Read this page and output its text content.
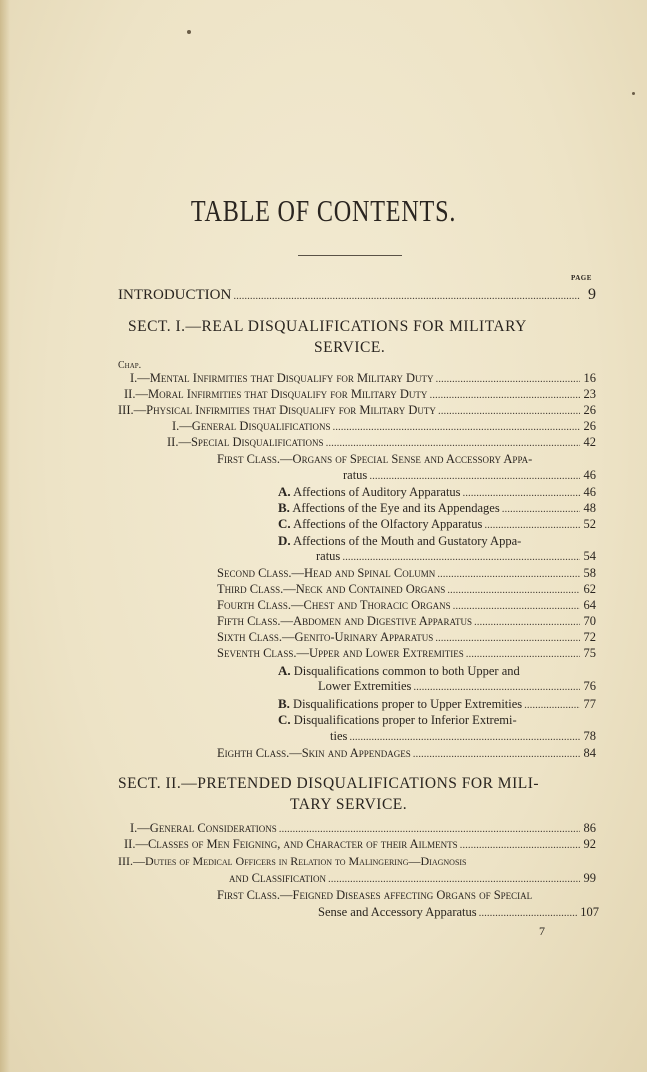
TABLE OF CONTENTS.
PAGE
INTRODUCTION .....	9
SECT. I.—REAL DISQUALIFICATIONS FOR MILITARY
SERVICE.
Chap.
I.—Mental Infirmities that Disqualify for Military Duty .....	16
II.—Moral Infirmities that Disqualify for Military Duty .....	23
III.—Physical Infirmities that Disqualify for Military Duty .....	26
I.—General Disqualifications .....	26
II.—Special Disqualifications .....	42
First Class.—Organs of Special Sense and Accessory Appa-
ratus .....	46
A. Affections of Auditory Apparatus .....	46
B. Affections of the Eye and its Appendages .....	48
C. Affections of the Olfactory Apparatus .....	52
D. Affections of the Mouth and Gustatory Appa-
ratus .....	54
Second Class.—Head and Spinal Column .....	58
Third Class.—Neck and Contained Organs .....	62
Fourth Class.—Chest and Thoracic Organs .....	64
Fifth Class.—Abdomen and Digestive Apparatus .....	70
Sixth Class.—Genito-Urinary Apparatus .....	72
Seventh Class.—Upper and Lower Extremities .....	75
A. Disqualifications common to both Upper and
Lower Extremities .....	76
B. Disqualifications proper to Upper Extremities .....	77
C. Disqualifications proper to Inferior Extremi-
ties .....	78
Eighth Class.—Skin and Appendages .....	84
SECT. II.—PRETENDED DISQUALIFICATIONS FOR MILI-
TARY SERVICE.
I.—General Considerations .....	86
II.—Classes of Men Feigning, and Character of their Ailments .....	92
III.—Duties of Medical Officers in Relation to Malingering—Diagnosis
and Classification .....	99
First Class.—Feigned Diseases affecting Organs of Special
Sense and Accessory Apparatus .....	107
7
